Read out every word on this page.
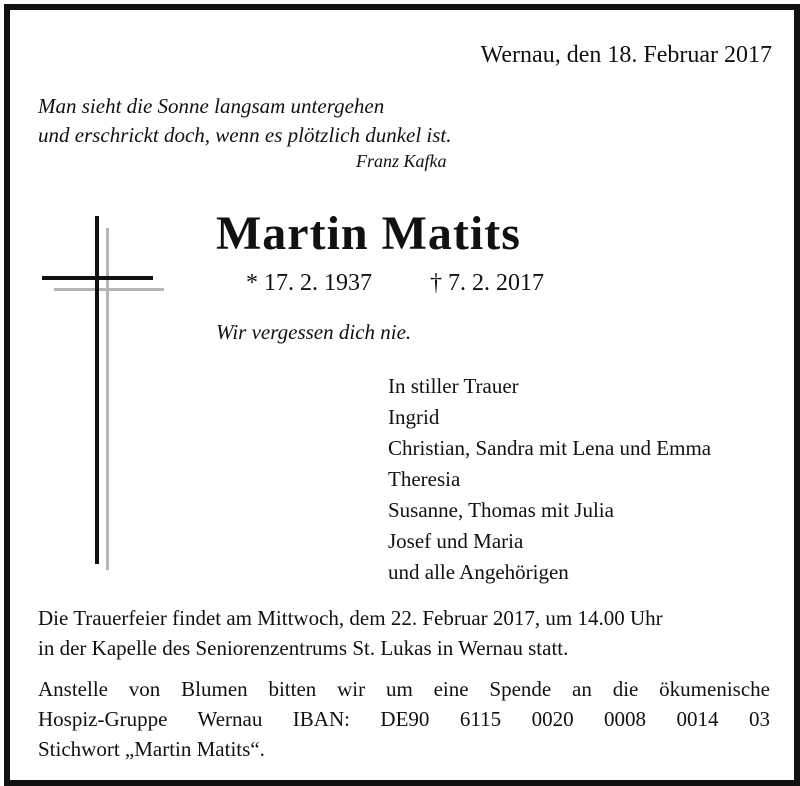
Wernau, den 18. Februar 2017
Man sieht die Sonne langsam untergehen
und erschrickt doch, wenn es plötzlich dunkel ist.
Franz Kafka
Martin Matits
* 17. 2. 1937 † 7. 2. 2017
Wir vergessen dich nie.
In stiller Trauer
Ingrid
Christian, Sandra mit Lena und Emma
Theresia
Susanne, Thomas mit Julia
Josef und Maria
und alle Angehörigen
Die Trauerfeier findet am Mittwoch, dem 22. Februar 2017, um 14.00 Uhr
in der Kapelle des Seniorenzentrums St. Lukas in Wernau statt.
Anstelle von Blumen bitten wir um eine Spende an die ökumenische
Hospiz-Gruppe Wernau IBAN: DE90 6115 0020 0008 0014 03
Stichwort „Martin Matits“.
